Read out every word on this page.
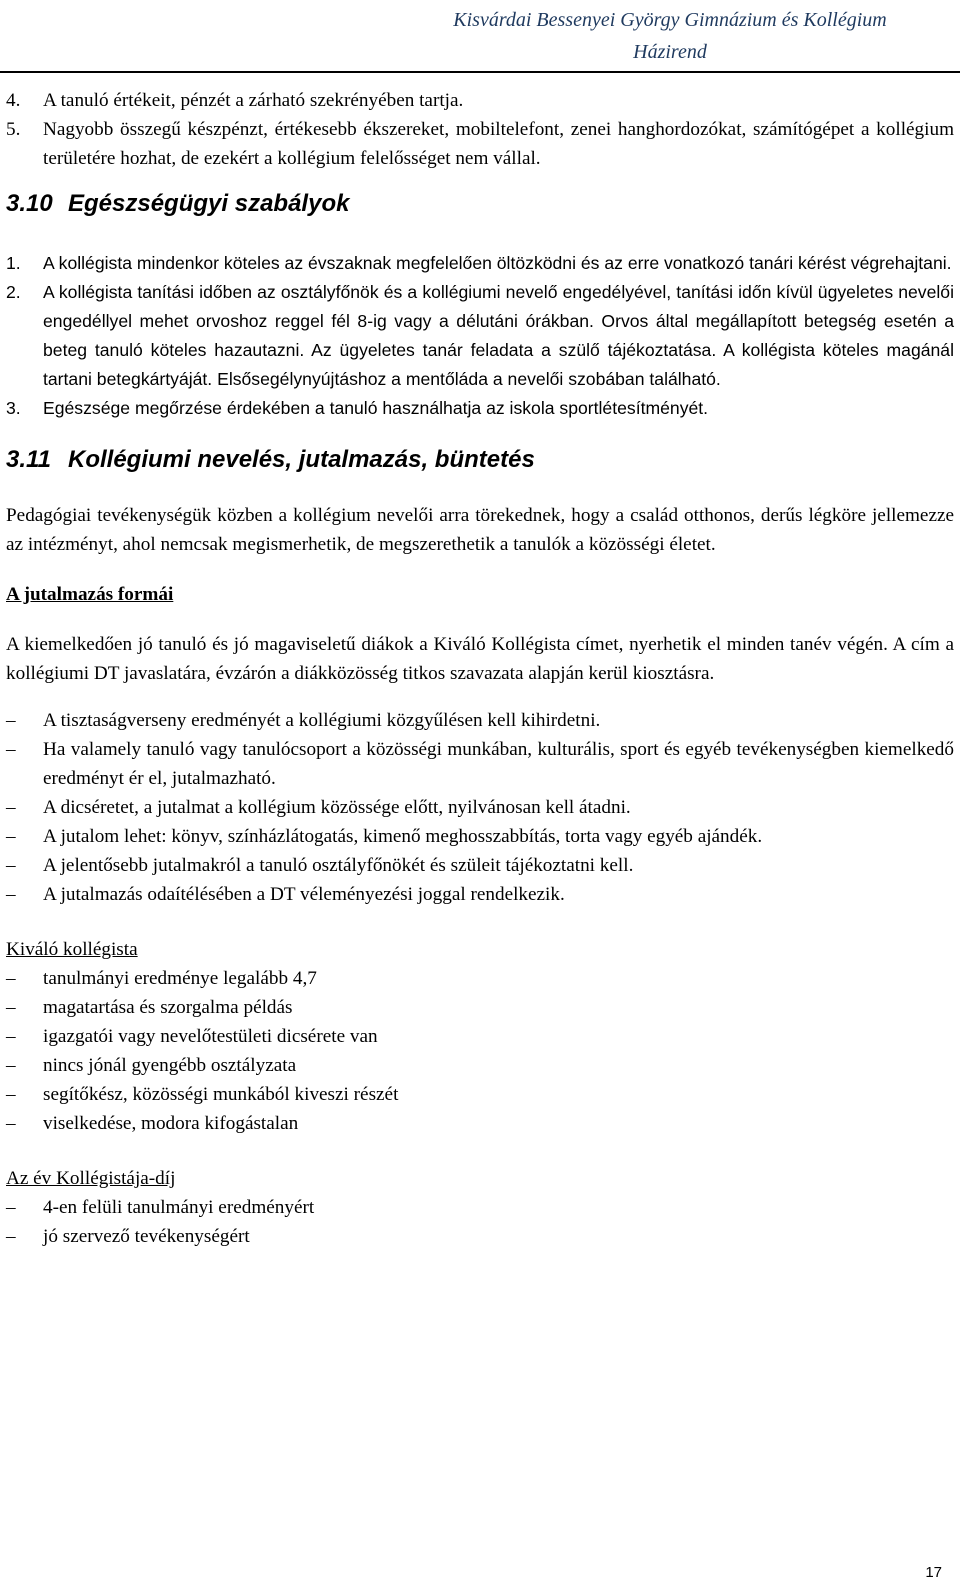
Kisvárdai Bessenyei György Gimnázium és Kollégium
Házirend
4. A tanuló értékeit, pénzét a zárható szekrényében tartja.
5. Nagyobb összegű készpénzt, értékesebb ékszereket, mobiltelefont, zenei hanghordozókat, számítógépet a kollégium területére hozhat, de ezekért a kollégium felelősséget nem vállal.
3.10 Egészségügyi szabályok
1. A kollégista mindenkor köteles az évszaknak megfelelően öltözködni és az erre vonatkozó tanári kérést végrehajtani.
2. A kollégista tanítási időben az osztályfőnök és a kollégiumi nevelő engedélyével, tanítási időn kívül ügyeletes nevelői engedéllyel mehet orvoshoz reggel fél 8-ig vagy a délutáni órákban. Orvos által megállapított betegség esetén a beteg tanuló köteles hazautazni. Az ügyeletes tanár feladata a szülő tájékoztatása. A kollégista köteles magánál tartani betegkártyáját. Elsősegélynyújtáshoz a mentőláda a nevelői szobában található.
3. Egészsége megőrzése érdekében a tanuló használhatja az iskola sportlétesítményét.
3.11 Kollégiumi nevelés, jutalmazás, büntetés
Pedagógiai tevékenységük közben a kollégium nevelői arra törekednek, hogy a család otthonos, derűs légköre jellemezze az intézményt, ahol nemcsak megismerhetik, de megszerethetik a tanulók a közösségi életet.
A jutalmazás formái
A kiemelkedően jó tanuló és jó magaviseletű diákok a Kiváló Kollégista címet, nyerhetik el minden tanév végén. A cím a kollégiumi DT javaslatára, évzárón a diákközösség titkos szavazata alapján kerül kiosztásra.
– A tisztaságverseny eredményét a kollégiumi közgyűlésen kell kihirdetni.
– Ha valamely tanuló vagy tanulócsoport a közösségi munkában, kulturális, sport és egyéb tevékenységben kiemelkedő eredményt ér el, jutalmazható.
– A dicséretet, a jutalmat a kollégium közössége előtt, nyilvánosan kell átadni.
– A jutalom lehet: könyv, színházlátogatás, kimenő meghosszabbítás, torta vagy egyéb ajándék.
– A jelentősebb jutalmakról a tanuló osztályfőnökét és szüleit tájékoztatni kell.
– A jutalmazás odaítélésében a DT véleményezési joggal rendelkezik.
Kiváló kollégista
– tanulmányi eredménye legalább 4,7
– magatartása és szorgalma példás
– igazgatói vagy nevelőtestületi dicsérete van
– nincs jónál gyengébb osztályzata
– segítőkész, közösségi munkából kiveszi részét
– viselkedése, modora kifogástalan
Az év Kollégistája-díj
– 4-en felüli tanulmányi eredményért
– jó szervező tevékenységért
17
